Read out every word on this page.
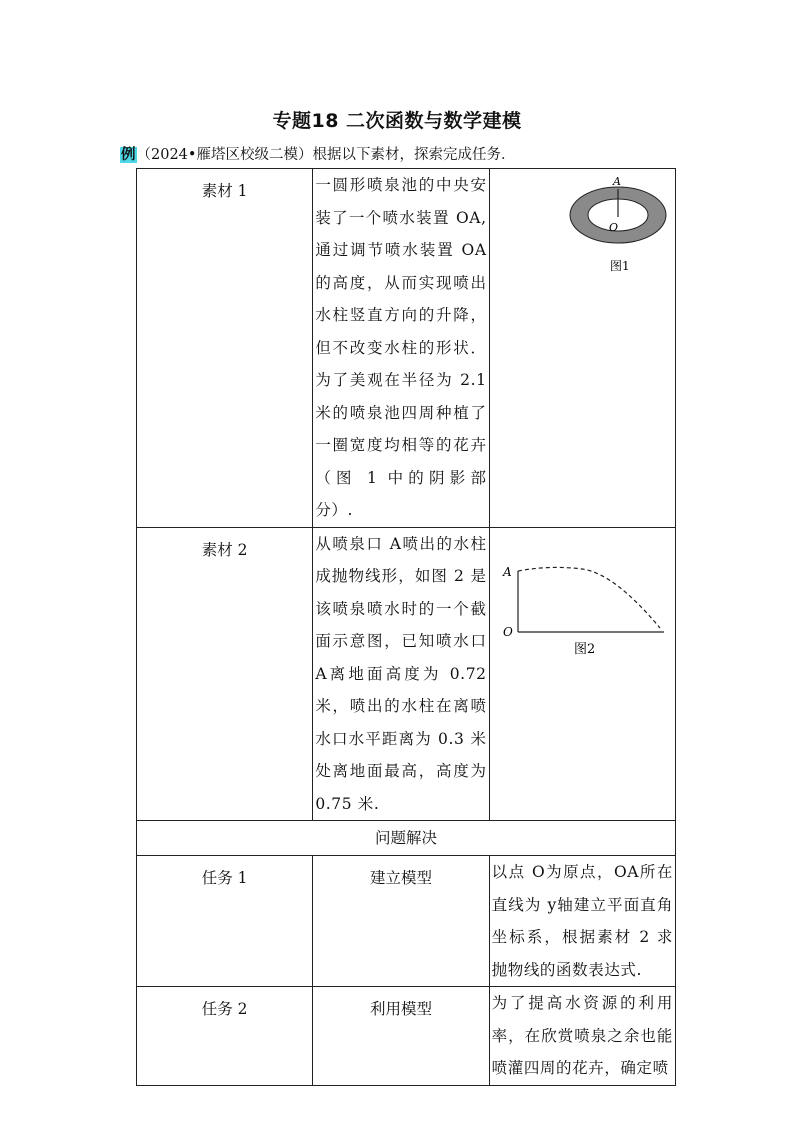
专题18 二次函数与数学建模
例（2024•雁塔区校级二模）根据以下素材，探索完成任务．
素材 1	一圆形喷泉池的中央安装了一个喷水装置 OA,通过调节喷水装置 OA的高度，从而实现喷出水柱竖直方向的升降，但不改变水柱的形状．为了美观在半径为 2.1 米的喷泉池四周种植了一圈宽度均相等的花卉（图 1 中的阴影部分）.	A
O
图1

素材 2	从喷泉口 A喷出的水柱成抛物线形，如图 2 是该喷泉喷水时的一个截面示意图，已知喷水口 A离地面高度为 0.72 米，喷出的水柱在离喷水口水平距离为 0.3 米处离地面最高，高度为 0.75 米.	A
O
图2

问题解决		
任务 1	建立模型	以点 O为原点，OA所在直线为 y轴建立平面直角坐标系，根据素材 2 求抛物线的函数表达式.
任务 2	利用模型	为了提高水资源的利用率，在欣赏喷泉之余也能喷灌四周的花卉，确定喷
